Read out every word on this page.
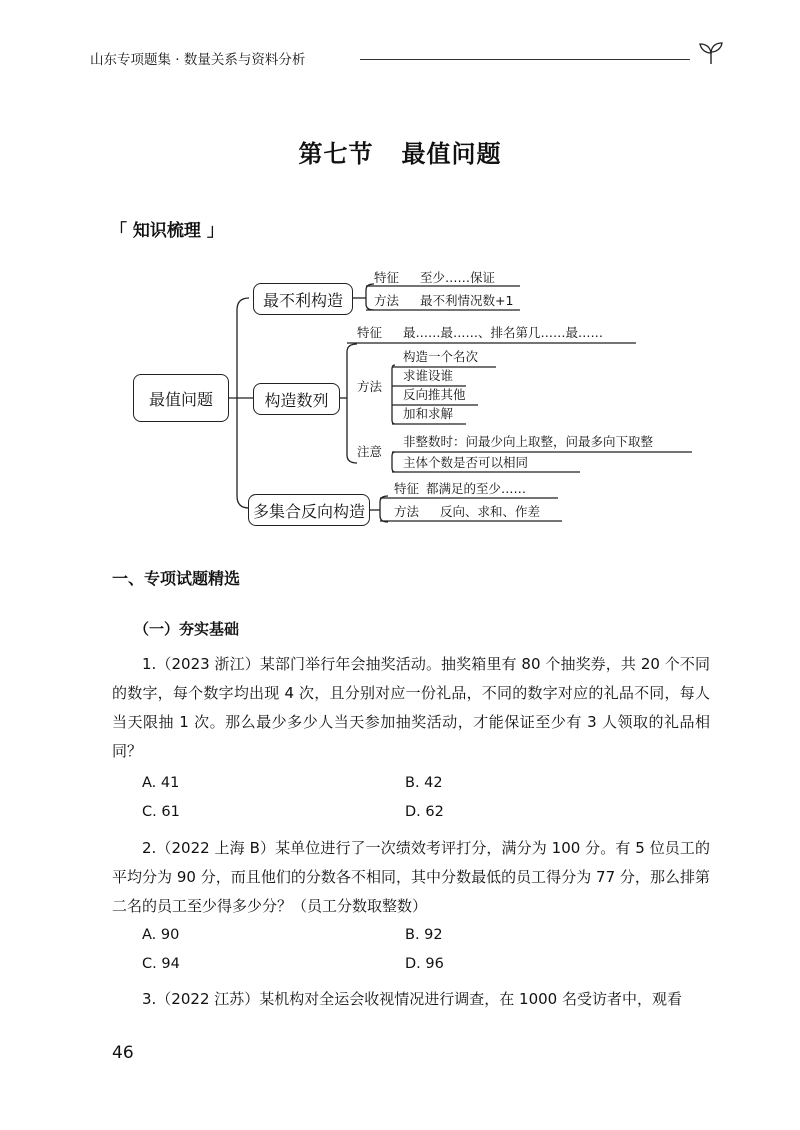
山东专项题集 · 数量关系与资料分析
第七节 最值问题
「 知识梳理 」
最值问题
最不利构造
构造数列
多集合反向构造
特征 至少……保证
方法 最不利情况数+1
特征 最……最……、排名第几……最……
方法
构造一个名次
求谁设谁
反向推其他
加和求解
注意
非整数时：问最少向上取整，问最多向下取整
主体个数是否可以相同
特征 都满足的至少……
方法 反向、求和、作差
一、专项试题精选
（一）夯实基础
1.（2023 浙江）某部门举行年会抽奖活动。抽奖箱里有 80 个抽奖券，共 20 个不同的数字，每个数字均出现 4 次，且分别对应一份礼品，不同的数字对应的礼品不同，每人当天限抽 1 次。那么最少多少人当天参加抽奖活动，才能保证至少有 3 人领取的礼品相同？
A. 41	B. 42
C. 61	D. 62
2.（2022 上海 B）某单位进行了一次绩效考评打分，满分为 100 分。有 5 位员工的平均分为 90 分，而且他们的分数各不相同，其中分数最低的员工得分为 77 分，那么排第二名的员工至少得多少分？（员工分数取整数）
A. 90	B. 92
C. 94	D. 96
3.（2022 江苏）某机构对全运会收视情况进行调查，在 1000 名受访者中，观看
46
